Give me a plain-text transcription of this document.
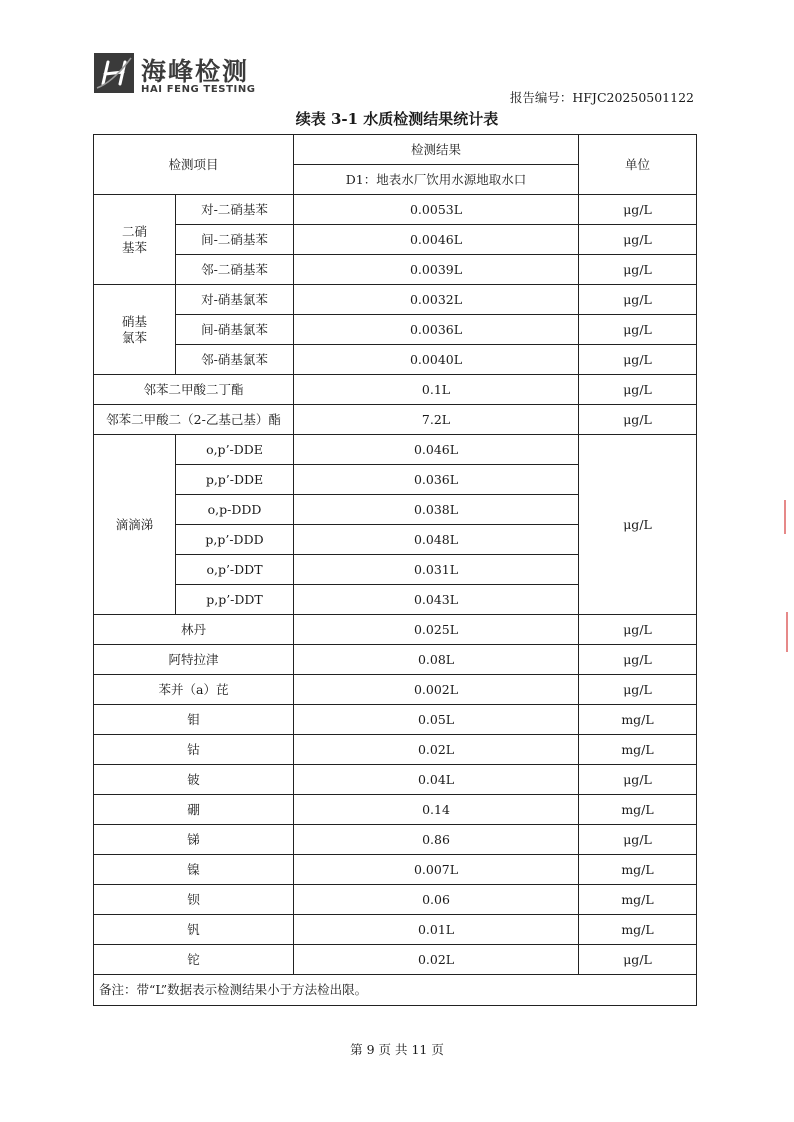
海峰检测
HAI FENG TESTING
报告编号：HFJC20250501122
续表 3-1 水质检测结果统计表
检测项目		检测结果	单位
		D1：地表水厂饮用水源地取水口	
二硝
基苯	对-二硝基苯	0.0053L	μg/L
	间-二硝基苯	0.0046L	μg/L
	邻-二硝基苯	0.0039L	μg/L
硝基
氯苯	对-硝基氯苯	0.0032L	μg/L
	间-硝基氯苯	0.0036L	μg/L
	邻-硝基氯苯	0.0040L	μg/L
邻苯二甲酸二丁酯		0.1L	μg/L
邻苯二甲酸二（2-乙基己基）酯		7.2L	μg/L
滴滴涕	o,p’-DDE	0.046L	μg/L
	p,p’-DDE	0.036L	
	o,p-DDD	0.038L	
	p,p’-DDD	0.048L	
	o,p’-DDT	0.031L	
	p,p’-DDT	0.043L	
林丹		0.025L	μg/L
阿特拉津		0.08L	μg/L
苯并（a）芘		0.002L	μg/L
钼		0.05L	mg/L
钴		0.02L	mg/L
铍		0.04L	μg/L
硼		0.14	mg/L
锑		0.86	μg/L
镍		0.007L	mg/L
钡		0.06	mg/L
钒		0.01L	mg/L
铊		0.02L	μg/L
备注：带“L”数据表示检测结果小于方法检出限。			
第 9 页 共 11 页
